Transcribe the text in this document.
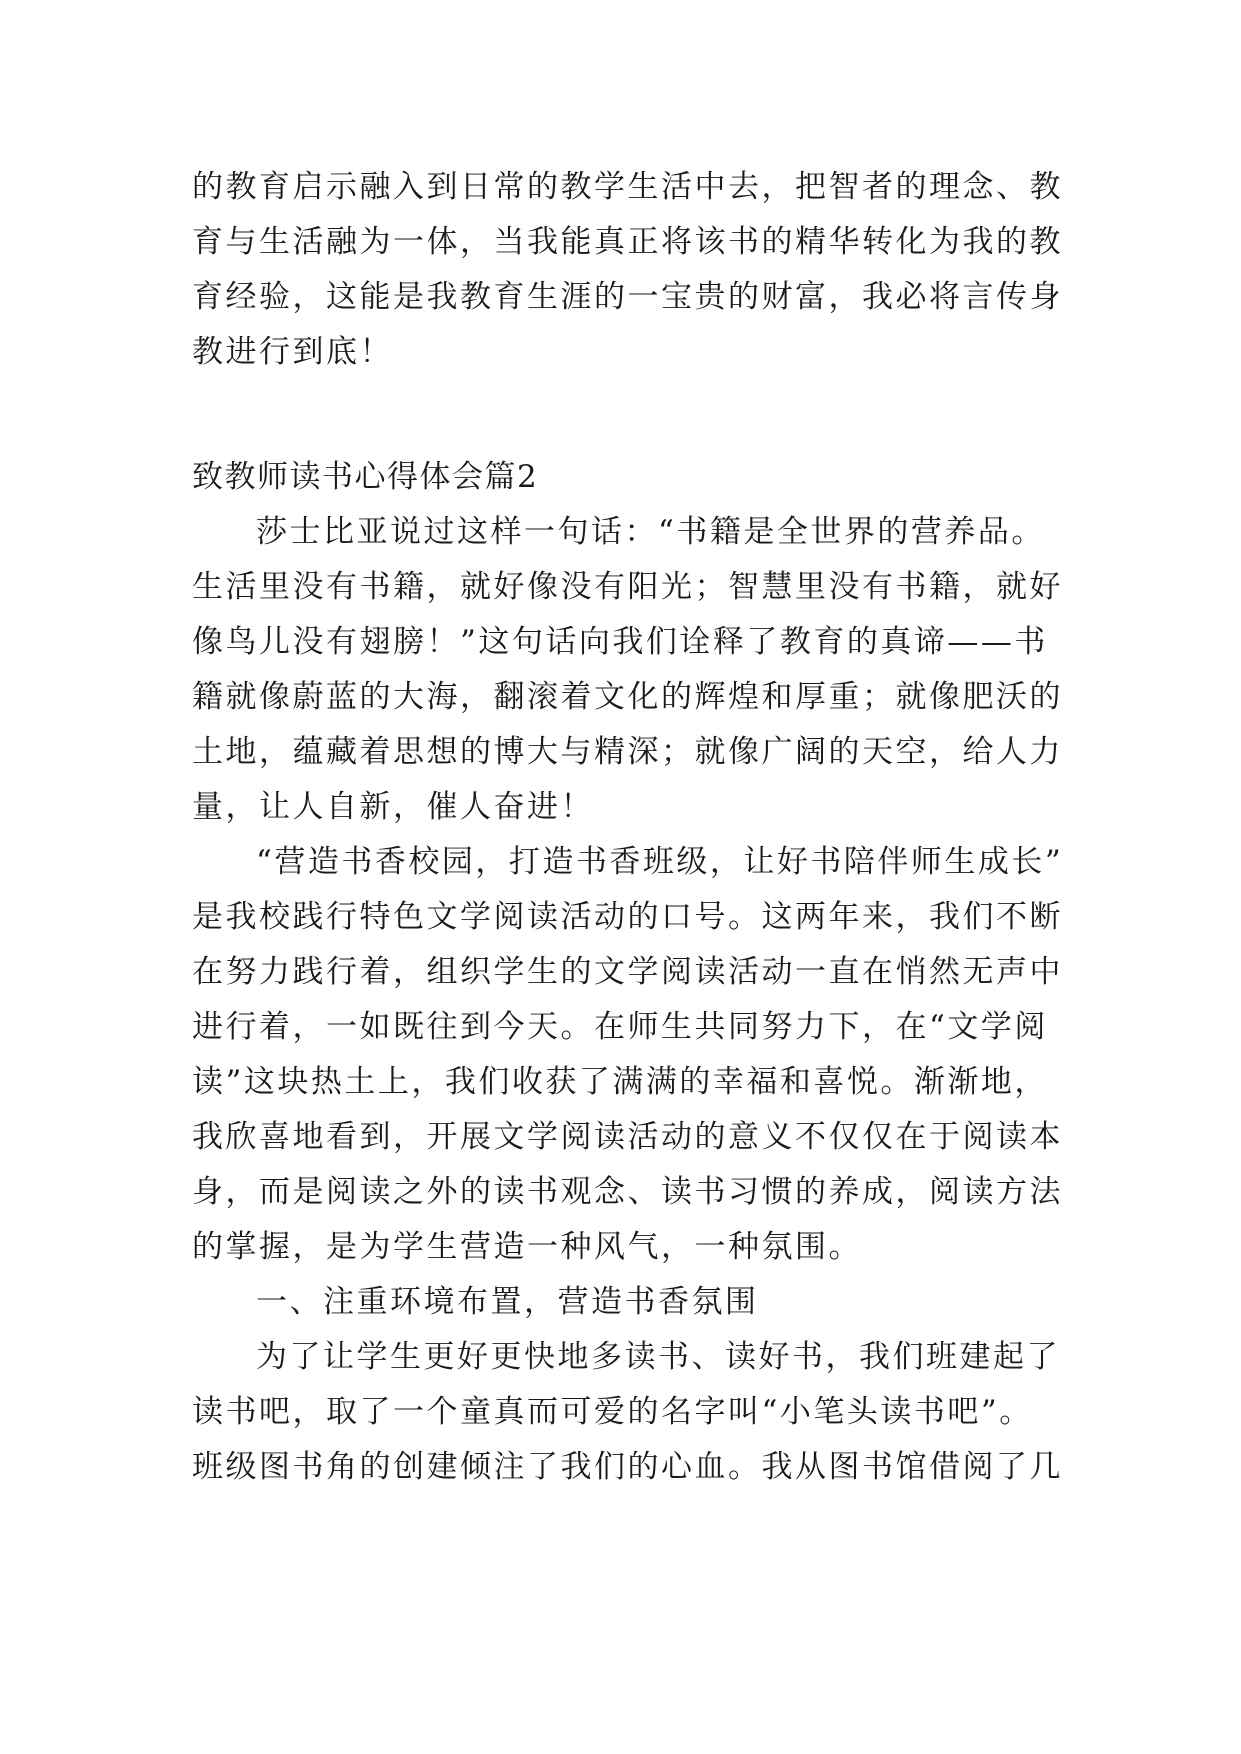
的教育启示融入到日常的教学生活中去，把智者的理念、教
育与生活融为一体，当我能真正将该书的精华转化为我的教
育经验，这能是我教育生涯的一宝贵的财富，我必将言传身
教进行到底！
致教师读书心得体会篇2
莎士比亚说过这样一句话：“书籍是全世界的营养品。
生活里没有书籍，就好像没有阳光；智慧里没有书籍，就好
像鸟儿没有翅膀！”这句话向我们诠释了教育的真谛——书
籍就像蔚蓝的大海，翻滚着文化的辉煌和厚重；就像肥沃的
土地，蕴藏着思想的博大与精深；就像广阔的天空，给人力
量，让人自新，催人奋进！
“营造书香校园，打造书香班级，让好书陪伴师生成长”
是我校践行特色文学阅读活动的口号。这两年来，我们不断
在努力践行着，组织学生的文学阅读活动一直在悄然无声中
进行着，一如既往到今天。在师生共同努力下，在“文学阅
读”这块热土上，我们收获了满满的幸福和喜悦。渐渐地，
我欣喜地看到，开展文学阅读活动的意义不仅仅在于阅读本
身，而是阅读之外的读书观念、读书习惯的养成，阅读方法
的掌握，是为学生营造一种风气，一种氛围。
一、注重环境布置，营造书香氛围
为了让学生更好更快地多读书、读好书，我们班建起了
读书吧，取了一个童真而可爱的名字叫“小笔头读书吧”。
班级图书角的创建倾注了我们的心血。我从图书馆借阅了几
